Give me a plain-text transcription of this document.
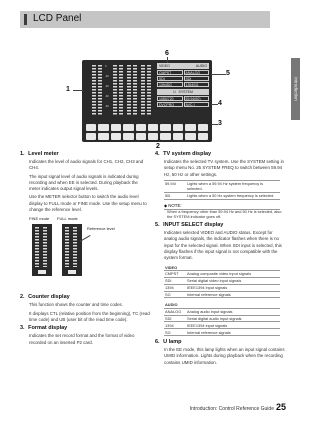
LCD Panel
Introduction
0
-10
-20
-30
-40
VIDEO	AUDIO
CMPST	ANALOG
SDI	SDI
1394SG	1394SG
U SYSTEM
1080/720	59.94(60)
DVCPRO	AVC-I
1
2
3
4
5
6
1. Level meter
Indicates the level of audio signals for CH1, CH2, CH3 and CH4.
The input signal level of audio signals is indicated during recording and when EE is selected. During playback the meter indicates output signal levels.
Use the METER selector button to switch the audio level display to FULL mode or FINE mode. Use the setup menu to change the reference level.
FINE mode FULL mode
Reference level
2. Counter display
This function shows the counter and time codes.
It displays CTL (relative position from the beginning), TC (read time code) and UB (user bit of the read time code).
3. Format display
Indicates the set record format and the format of video recorded on an inserted P2 card.
4. TV system display
Indicates the selected TV system. Use the SYSTEM setting in setup menu No. 25 SYSTEM FREQ to switch between 59.94 Hz, 50 Hz or other settings.
59.94i	Lights when a 59.94 Hz system frequency is selected.
50i	Lights when a 50 Hz system frequency is selected.
◆ NOTE:
When a frequency other than 59.94 Hz and 50 Hz is selected, also the SYSTEM indicator goes off.
5. INPUT SELECT display
Indicates selected VIDEO and AUDIO status. Except for analog audio signals, the indicator flashes when there is no input for the selected signal. When SDI input is selected, this display flashes if the input signal is not compatible with the system format.
VIDEO	
CMPST	Analog composite video input signals
SDI	Serial digital video input signals
1394	IEEE1394 input signals
SG	Internal reference signals
AUDIO	
ANALOG	Analog audio input signals
SDI	Serial digital audio input signals
1394	IEEE1394 input signals
SG	Internal reference signals
6. U lamp
In the EE mode, this lamp lights when an input signal contains UMID information. Lights during playback when the recording contains UMID information.
Introduction: Control Reference Guide 25
